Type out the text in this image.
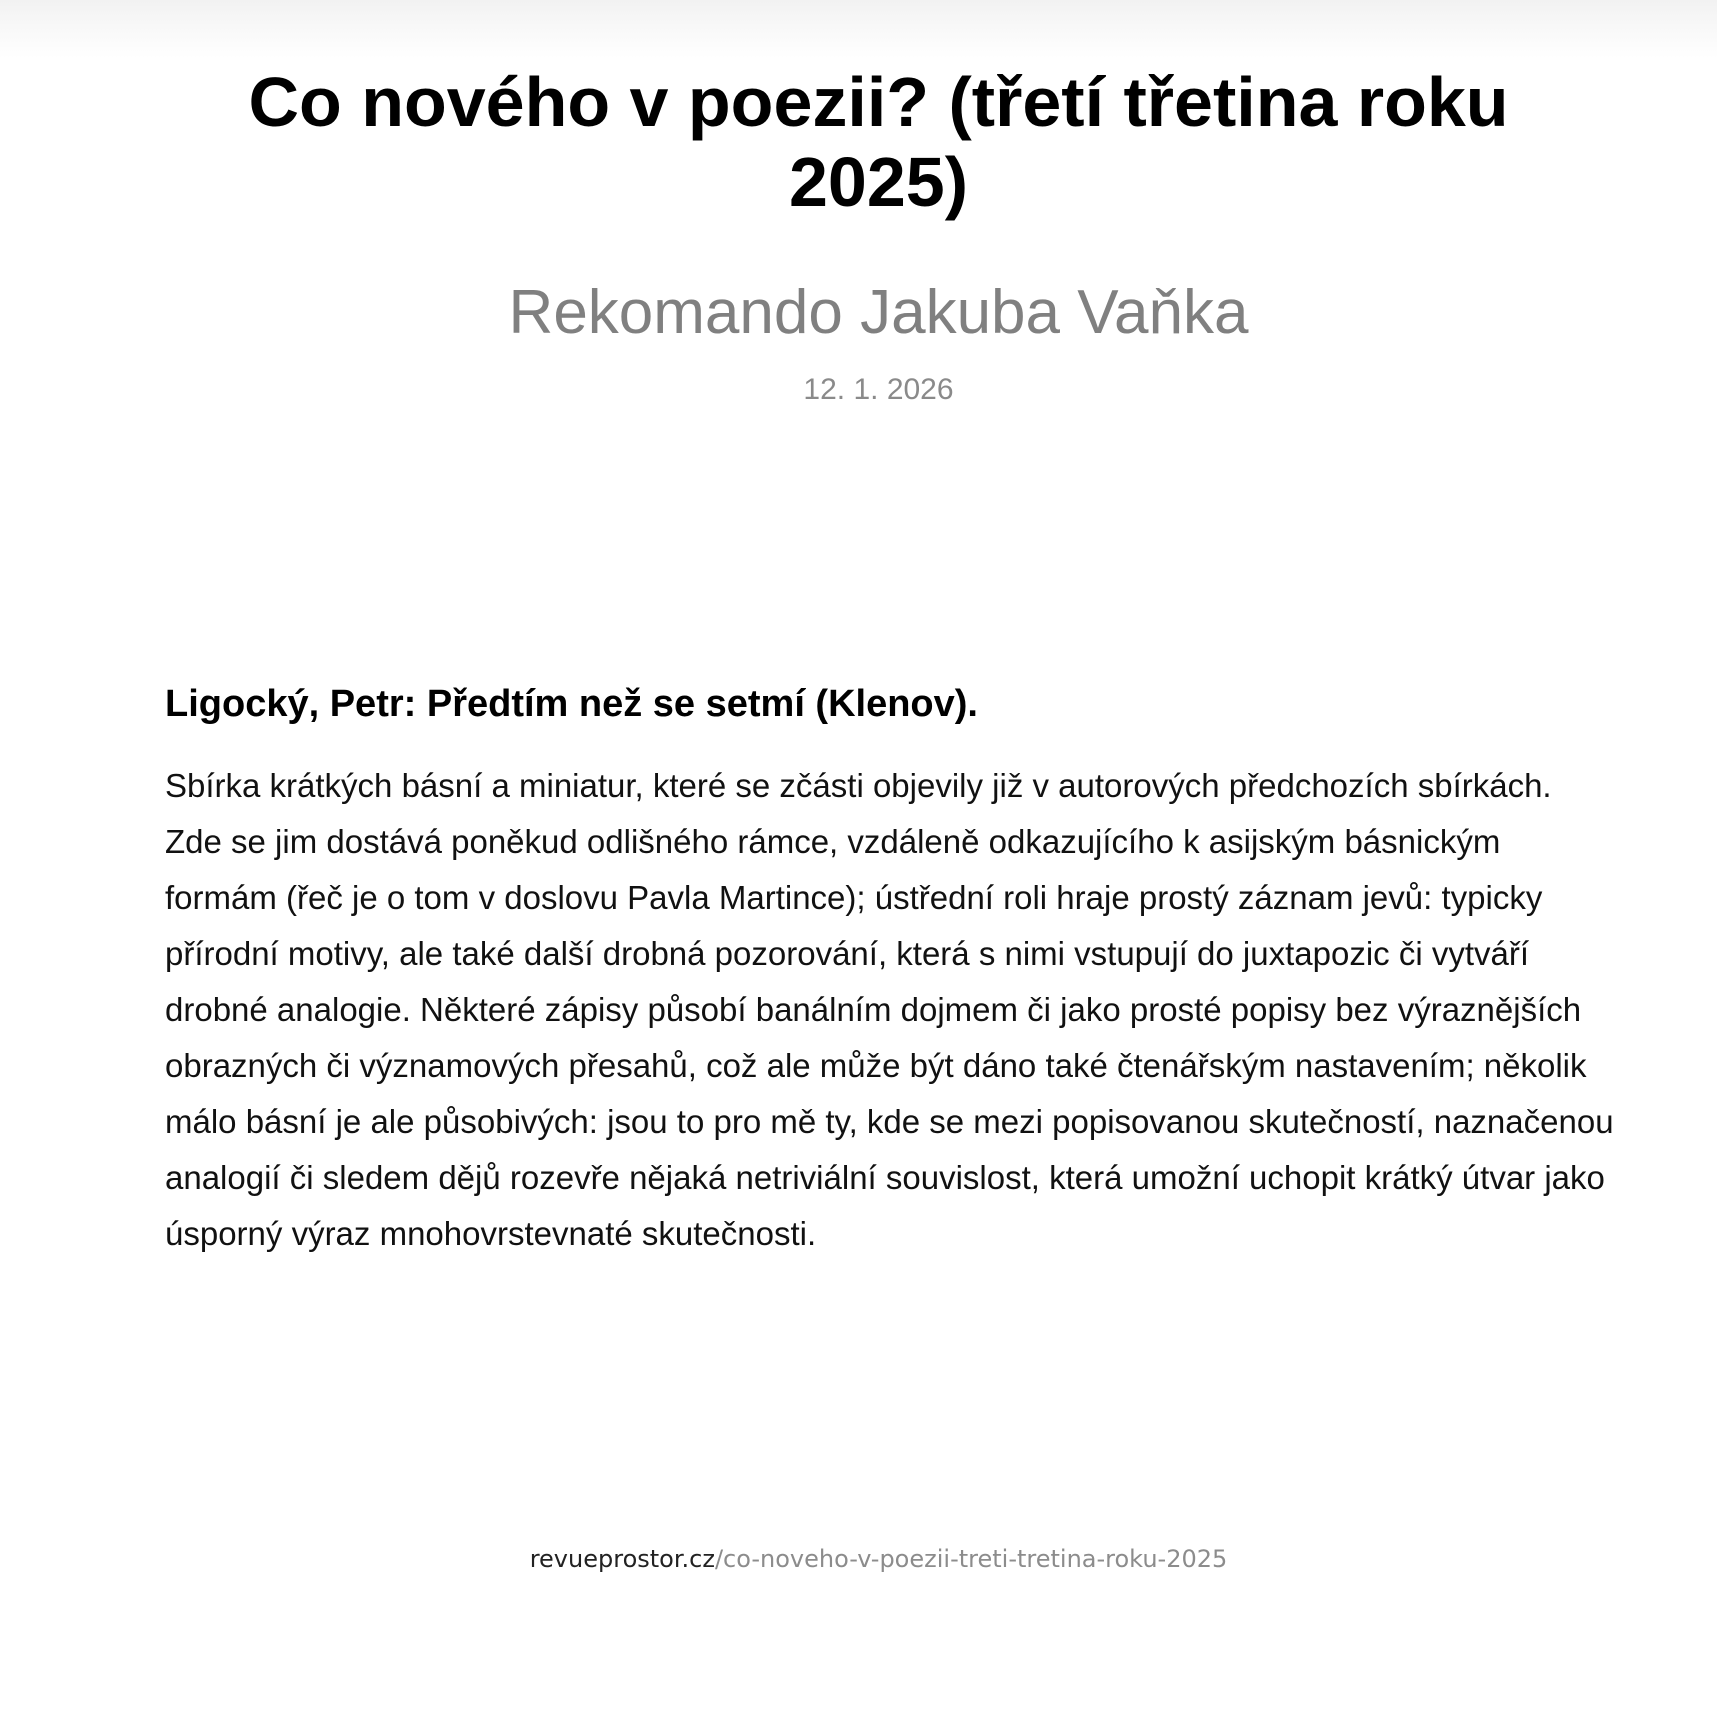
Co nového v poezii? (třetí třetina roku 2025)
Rekomando Jakuba Vaňka
12. 1. 2026
Ligocký, Petr: Předtím než se setmí (Klenov).

Sbírka krátkých básní a miniatur, které se zčásti objevily již v autorových předchozích sbírkách. Zde se jim dostává poněkud odlišného rámce, vzdáleně odkazujícího k asijským básnickým formám (řeč je o tom v doslovu Pavla Martince); ústřední roli hraje prostý záznam jevů: typicky přírodní motivy, ale také další drobná pozorování, která s nimi vstupují do juxtapozic či vytváří drobné analogie. Některé zápisy působí banálním dojmem či jako prosté popisy bez výraznějších obrazných či významových přesahů, což ale může být dáno také čtenářským nastavením; několik málo básní je ale působivých: jsou to pro mě ty, kde se mezi popisovanou skutečností, naznačenou analogií či sledem dějů rozevře nějaká netriviální souvislost, která umožní uchopit krátký útvar jako úsporný výraz mnohovrstevnaté skutečnosti.

revueprostor.cz/co-noveho-v-poezii-treti-tretina-roku-2025
